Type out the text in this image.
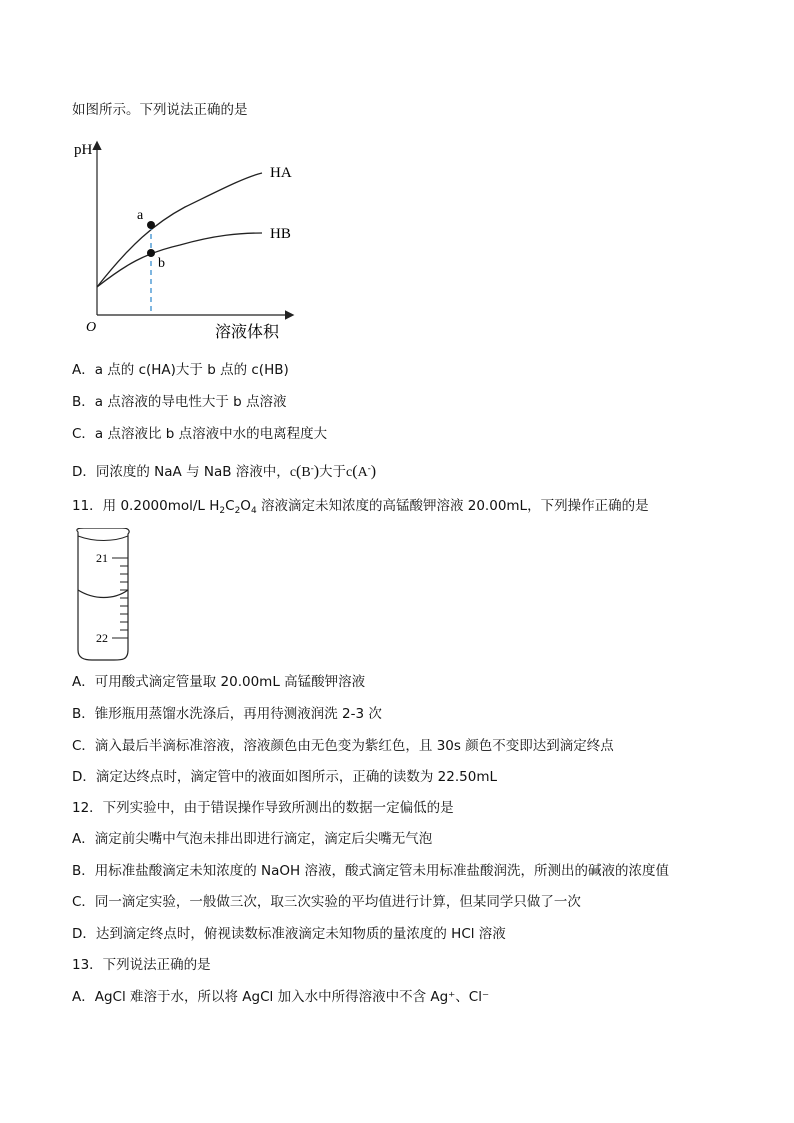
如图所示。下列说法正确的是
pH
O	溶液体积
HA
HB
a
b
A．a 点的 c(HA)大于 b 点的 c(HB)
B．a 点溶液的导电性大于 b 点溶液
C．a 点溶液比 b 点溶液中水的电离程度大
D．同浓度的 NaA 与 NaB 溶液中，c(B-)大于c(A-)
11．用 0.2000mol/L $H_2C_2O_4$ 溶液滴定未知浓度的高锰酸钾溶液 20.00mL，下列操作正确的是
21
22
A．可用酸式滴定管量取 20.00mL 高锰酸钾溶液
B．锥形瓶用蒸馏水洗涤后，再用待测液润洗 2-3 次
C．滴入最后半滴标准溶液，溶液颜色由无色变为紫红色，且 30s 颜色不变即达到滴定终点
D．滴定达终点时，滴定管中的液面如图所示，正确的读数为 22.50mL
12．下列实验中，由于错误操作导致所测出的数据一定偏低的是
A．滴定前尖嘴中气泡未排出即进行滴定，滴定后尖嘴无气泡
B．用标准盐酸滴定未知浓度的 NaOH 溶液，酸式滴定管未用标准盐酸润洗，所测出的碱液的浓度值
C．同一滴定实验，一般做三次，取三次实验的平均值进行计算，但某同学只做了一次
D．达到滴定终点时，俯视读数标准液滴定未知物质的量浓度的 HCl 溶液
13．下列说法正确的是
A．AgCl 难溶于水，所以将 AgCl 加入水中所得溶液中不含 Ag⁺、Cl⁻
